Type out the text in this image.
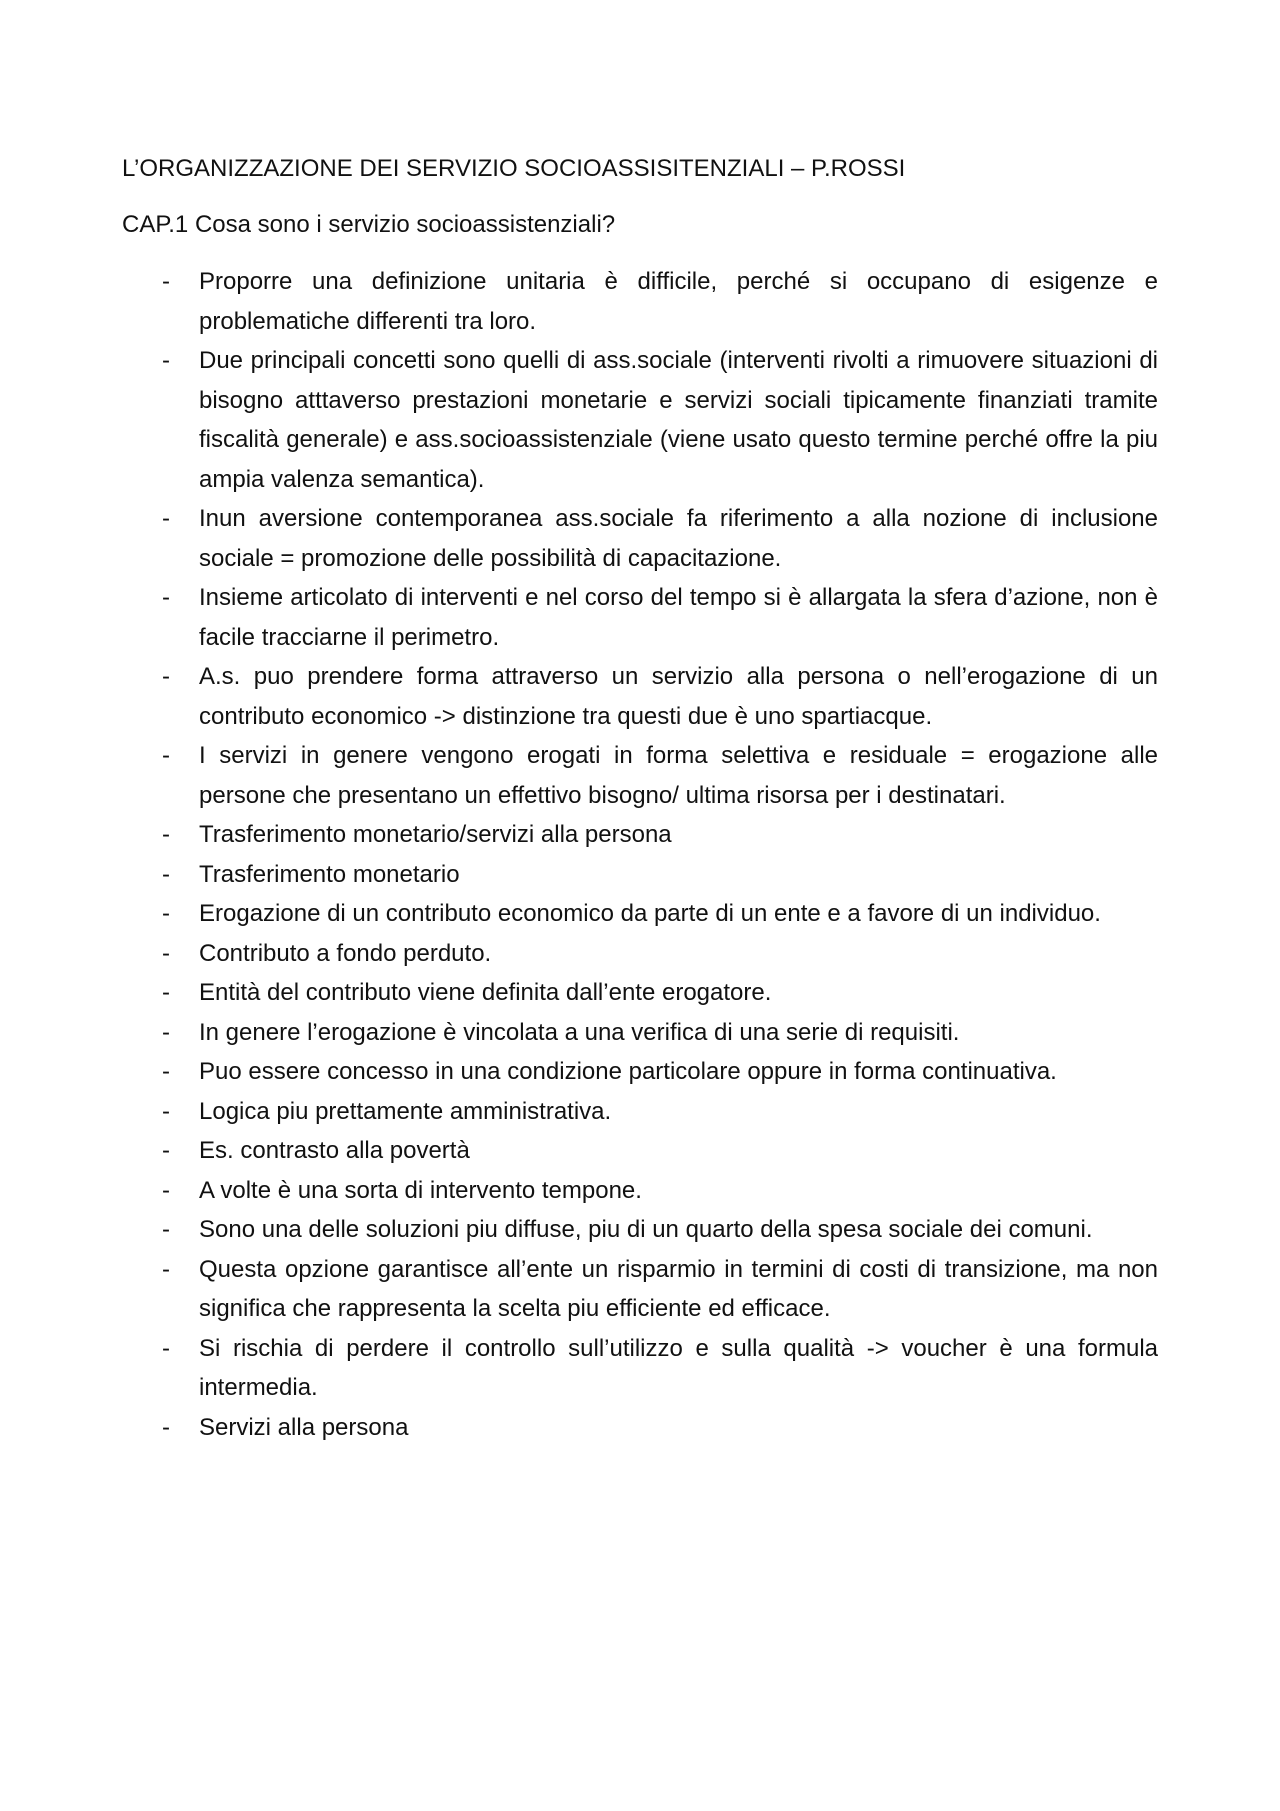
L’ORGANIZZAZIONE DEI SERVIZIO SOCIOASSISITENZIALI – P.ROSSI
CAP.1 Cosa sono i servizio socioassistenziali?
- Proporre una definizione unitaria è difficile, perché si occupano di esigenze e problematiche differenti tra loro.
- Due principali concetti sono quelli di ass.sociale (interventi rivolti a rimuovere situazioni di bisogno atttaverso prestazioni monetarie e servizi sociali tipicamente finanziati tramite fiscalità generale) e ass.socioassistenziale (viene usato questo termine perché offre la piu ampia valenza semantica).
- Inun aversione contemporanea ass.sociale fa riferimento a alla nozione di inclusione sociale = promozione delle possibilità di capacitazione.
- Insieme articolato di interventi e nel corso del tempo si è allargata la sfera d’azione, non è facile tracciarne il perimetro.
- A.s. puo prendere forma attraverso un servizio alla persona o nell’erogazione di un contributo economico -> distinzione tra questi due è uno spartiacque.
- I servizi in genere vengono erogati in forma selettiva e residuale = erogazione alle persone che presentano un effettivo bisogno/ ultima risorsa per i destinatari.
- Trasferimento monetario/servizi alla persona
- Trasferimento monetario
- Erogazione di un contributo economico da parte di un ente e a favore di un individuo.
- Contributo a fondo perduto.
- Entità del contributo viene definita dall’ente erogatore.
- In genere l’erogazione è vincolata a una verifica di una serie di requisiti.
- Puo essere concesso in una condizione particolare oppure in forma continuativa.
- Logica piu prettamente amministrativa.
- Es. contrasto alla povertà
- A volte è una sorta di intervento tempone.
- Sono una delle soluzioni piu diffuse, piu di un quarto della spesa sociale dei comuni.
- Questa opzione garantisce all’ente un risparmio in termini di costi di transizione, ma non significa che rappresenta la scelta piu efficiente ed efficace.
- Si rischia di perdere il controllo sull’utilizzo e sulla qualità -> voucher è una formula intermedia.
- Servizi alla persona
